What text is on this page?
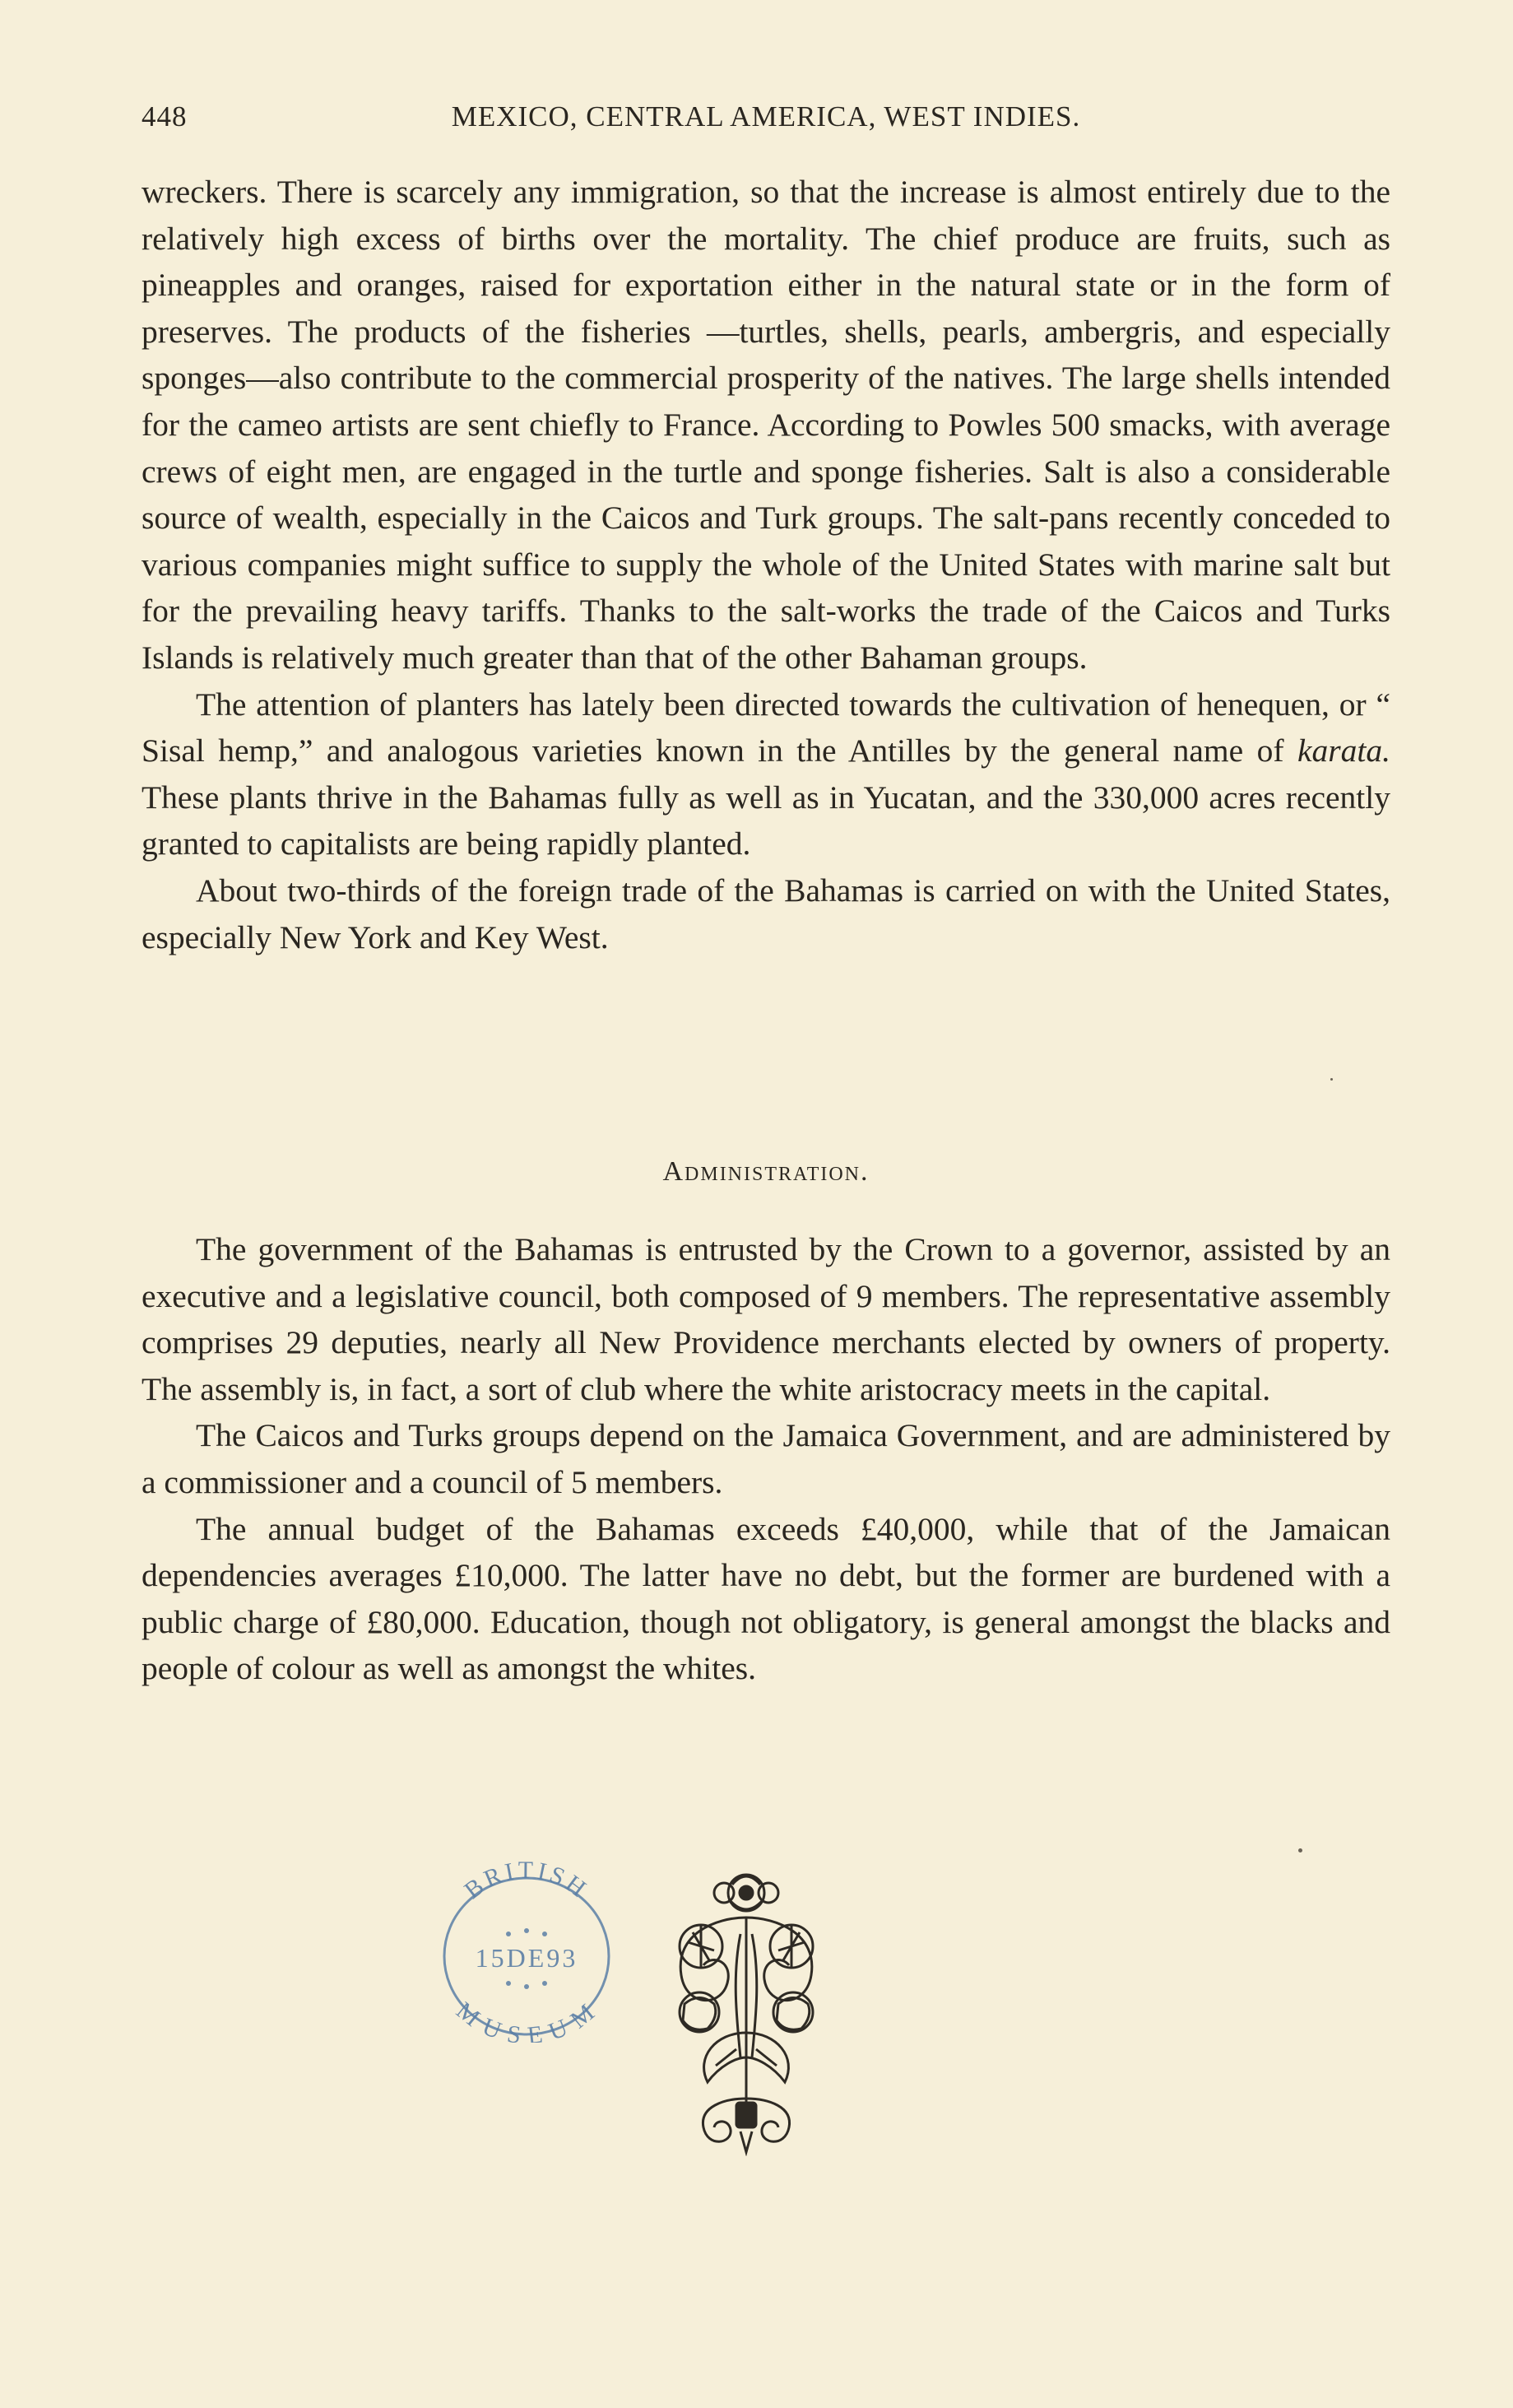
448	MEXICO, CENTRAL AMERICA, WEST INDIES.

wreckers. There is scarcely any immigration, so that the increase is almost entirely due to the relatively high excess of births over the mortality. The chief produce are fruits, such as pineapples and oranges, raised for exportation either in the natural state or in the form of preserves. The products of the fisheries —turtles, shells, pearls, ambergris, and especially sponges—also contribute to the commercial prosperity of the natives. The large shells intended for the cameo artists are sent chiefly to France. According to Powles 500 smacks, with average crews of eight men, are engaged in the turtle and sponge fisheries. Salt is also a considerable source of wealth, especially in the Caicos and Turk groups. The salt-pans recently conceded to various companies might suffice to supply the whole of the United States with marine salt but for the prevailing heavy tariffs. Thanks to the salt-works the trade of the Caicos and Turks Islands is relatively much greater than that of the other Bahaman groups.

The attention of planters has lately been directed towards the cultivation of henequen, or “ Sisal hemp,” and analogous varieties known in the Antilles by the general name of karata. These plants thrive in the Bahamas fully as well as in Yucatan, and the 330,000 acres recently granted to capitalists are being rapidly planted.

About two-thirds of the foreign trade of the Bahamas is carried on with the United States, especially New York and Key West.

Administration.

The government of the Bahamas is entrusted by the Crown to a governor, assisted by an executive and a legislative council, both composed of 9 members. The representative assembly comprises 29 deputies, nearly all New Providence merchants elected by owners of property. The assembly is, in fact, a sort of club where the white aristocracy meets in the capital.

The Caicos and Turks groups depend on the Jamaica Government, and are administered by a commissioner and a council of 5 members.

The annual budget of the Bahamas exceeds £40,000, while that of the Jamaican dependencies averages £10,000. The latter have no debt, but the former are burdened with a public charge of £80,000. Education, though not obligatory, is general amongst the blacks and people of colour as well as amongst the whites.

BRITISH
15DE93
MUSEUM
